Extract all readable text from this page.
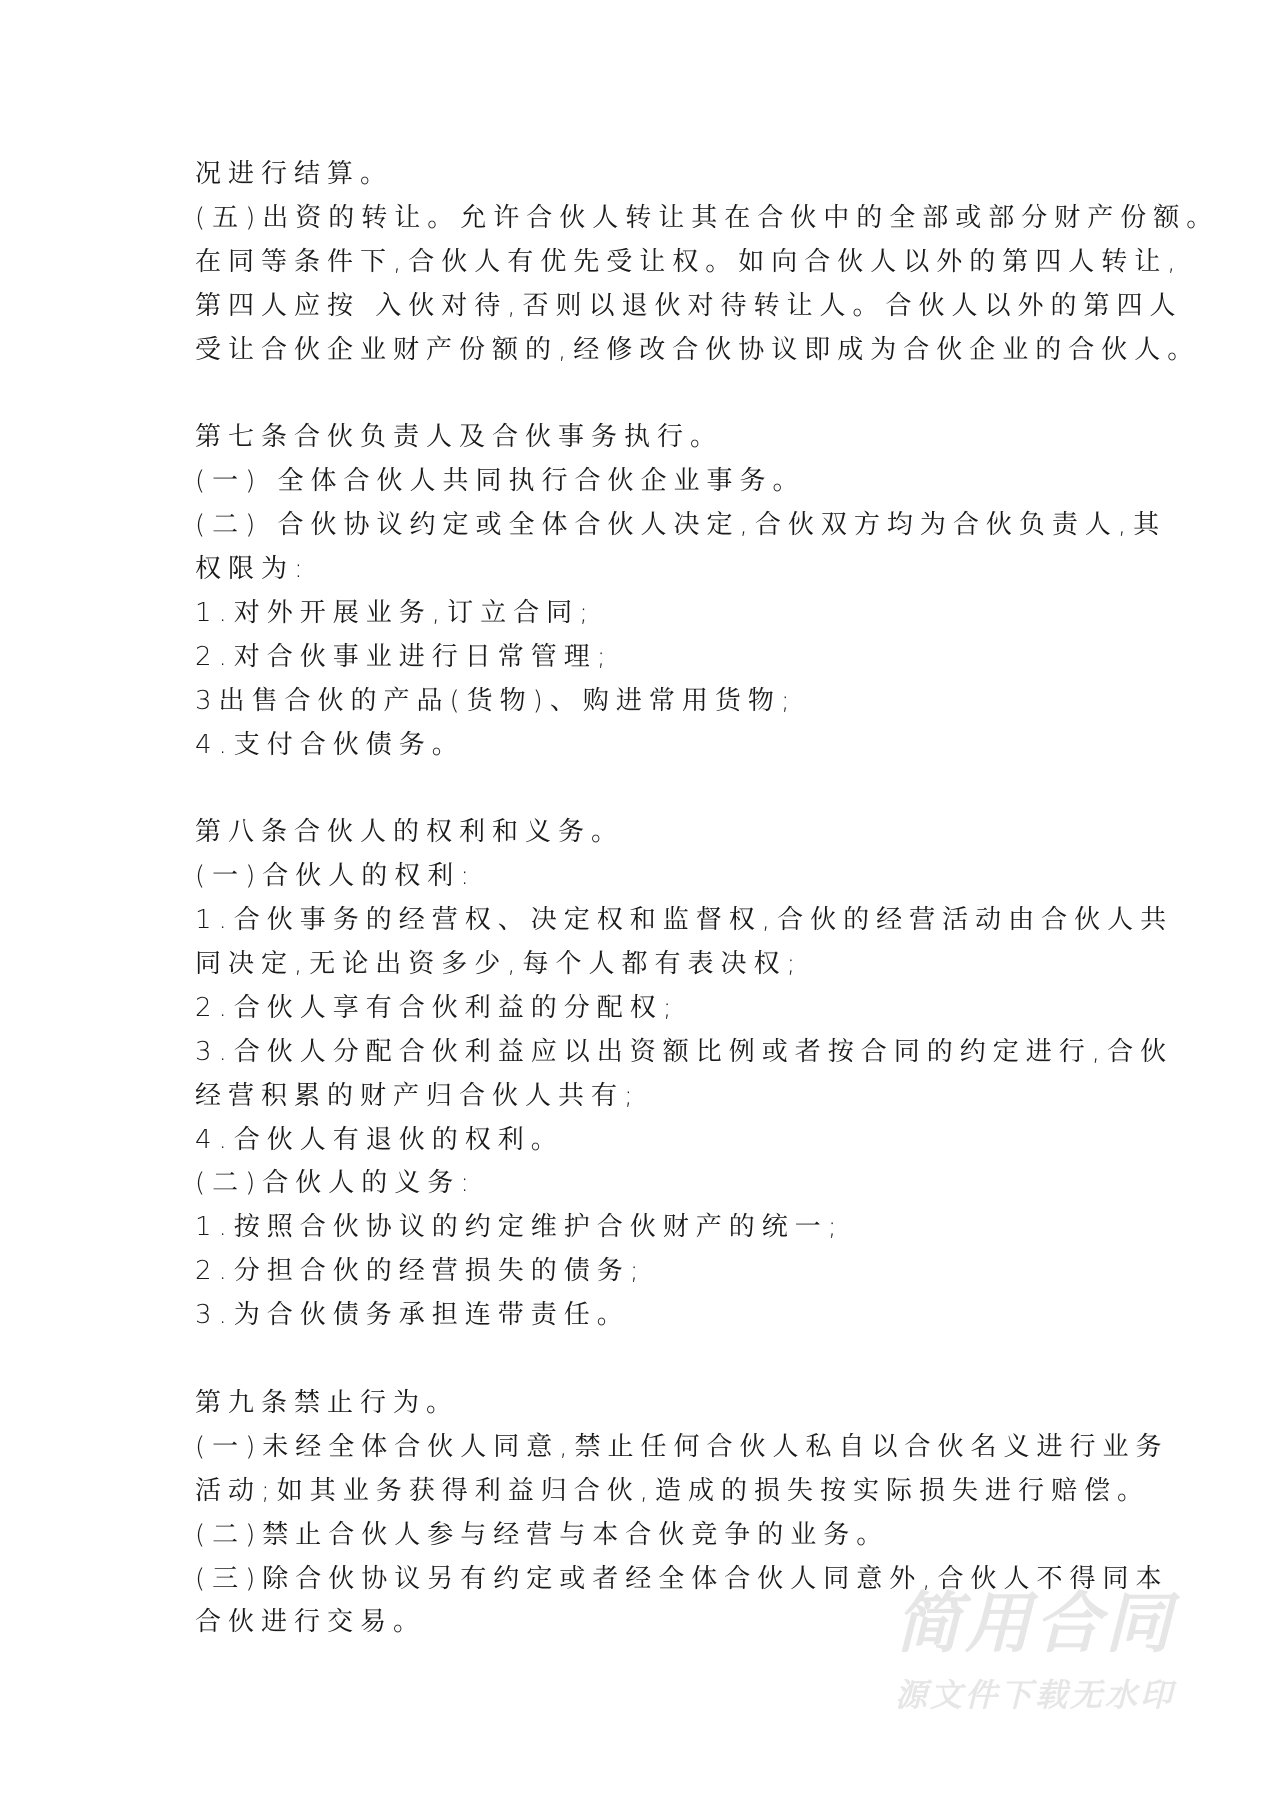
况进行结算。
(五)出资的转让。允许合伙人转让其在合伙中的全部或部分财产份额。
在同等条件下,合伙人有优先受让权。如向合伙人以外的第四人转让,
第四人应按 入伙对待,否则以退伙对待转让人。合伙人以外的第四人
受让合伙企业财产份额的,经修改合伙协议即成为合伙企业的合伙人。
第七条合伙负责人及合伙事务执行。
(一) 全体合伙人共同执行合伙企业事务。
(二) 合伙协议约定或全体合伙人决定,合伙双方均为合伙负责人,其
权限为:
1.对外开展业务,订立合同;
2.对合伙事业进行日常管理;
3出售合伙的产品(货物)、购进常用货物;
4.支付合伙债务。
第八条合伙人的权利和义务。
(一)合伙人的权利:
1.合伙事务的经营权、决定权和监督权,合伙的经营活动由合伙人共
同决定,无论出资多少,每个人都有表决权;
2.合伙人享有合伙利益的分配权;
3.合伙人分配合伙利益应以出资额比例或者按合同的约定进行,合伙
经营积累的财产归合伙人共有;
4.合伙人有退伙的权利。
(二)合伙人的义务:
1.按照合伙协议的约定维护合伙财产的统一;
2.分担合伙的经营损失的债务;
3.为合伙债务承担连带责任。
第九条禁止行为。
(一)未经全体合伙人同意,禁止任何合伙人私自以合伙名义进行业务
活动;如其业务获得利益归合伙,造成的损失按实际损失进行赔偿。
(二)禁止合伙人参与经营与本合伙竞争的业务。
(三)除合伙协议另有约定或者经全体合伙人同意外,合伙人不得同本
合伙进行交易。	简用合同
源文件下载无水印
